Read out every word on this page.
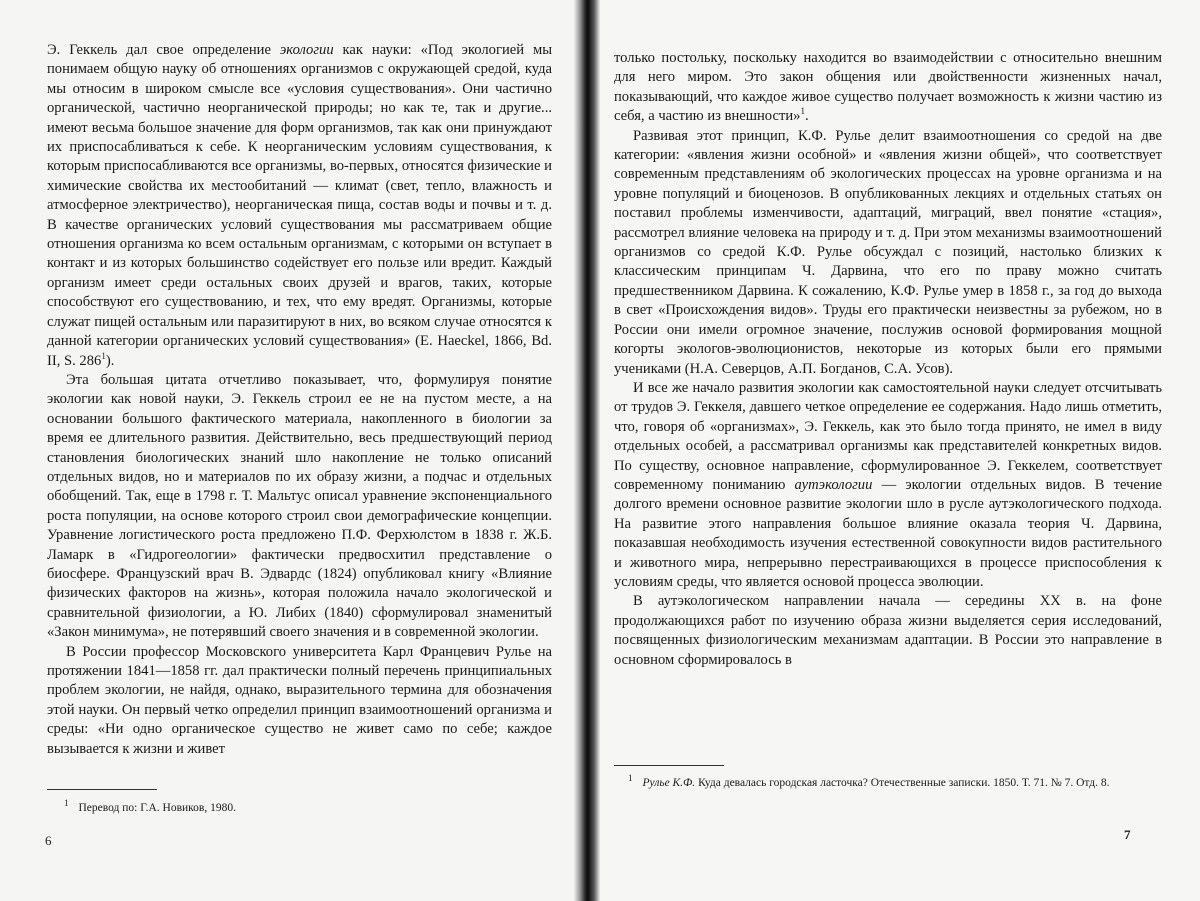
Э. Геккель дал свое определение экологии как науки: «Под экологией мы понимаем общую науку об отношениях организмов с окружающей средой, куда мы относим в широком смысле все «условия существования». Они частично органической, частично неорганической природы; но как те, так и другие... имеют весьма большое значение для форм организмов, так как они принуждают их приспосабливаться к себе. К неорганическим условиям существования, к которым приспосабливаются все организмы, во-первых, относятся физические и химические свойства их местообитаний — климат (свет, тепло, влажность и атмосферное электричество), неорганическая пища, состав воды и почвы и т. д. В качестве органических условий существования мы рассматриваем общие отношения организма ко всем остальным организмам, с которыми он вступает в контакт и из которых большинство содействует его пользе или вредит. Каждый организм имеет среди остальных своих друзей и врагов, таких, которые способствуют его существованию, и тех, что ему вредят. Организмы, которые служат пищей остальным или паразитируют в них, во всяком случае относятся к данной категории органических условий существования» (E. Haeckel, 1866, Bd. II, S. $286^1$).

Эта большая цитата отчетливо показывает, что, формулируя понятие экологии как новой науки, Э. Геккель строил ее не на пустом месте, а на основании большого фактического материала, накопленного в биологии за время ее длительного развития. Действительно, весь предшествующий период становления биологических знаний шло накопление не только описаний отдельных видов, но и материалов по их образу жизни, а подчас и отдельных обобщений. Так, еще в 1798 г. Т. Мальтус описал уравнение экспоненциального роста популяции, на основе которого строил свои демографические концепции. Уравнение логистического роста предложено П.Ф. Ферхюлстом в 1838 г. Ж.Б. Ламарк в «Гидрогеологии» фактически предвосхитил представление о биосфере. Французский врач В. Эдвардс (1824) опубликовал книгу «Влияние физических факторов на жизнь», которая положила начало экологической и сравнительной физиологии, а Ю. Либих (1840) сформулировал знаменитый «Закон минимума», не потерявший своего значения и в современной экологии.

В России профессор Московского университета Карл Францевич Рулье на протяжении 1841—1858 гг. дал практически полный перечень принципиальных проблем экологии, не найдя, однако, выразительного термина для обозначения этой науки. Он первый четко определил принцип взаимоотношений организма и среды: «Ни одно органическое существо не живет само по себе; каждое вызывается к жизни и живет

$^1$ Перевод по: Г.А. Новиков, 1980.
6

только постольку, поскольку находится во взаимодействии с относительно внешним для него миром. Это закон общения или двойственности жизненных начал, показывающий, что каждое живое существо получает возможность к жизни частию из себя, а частию из внешности»$^1$.

Развивая этот принцип, К.Ф. Рулье делит взаимоотношения со средой на две категории: «явления жизни особной» и «явления жизни общей», что соответствует современным представлениям об экологических процессах на уровне организма и на уровне популяций и биоценозов. В опубликованных лекциях и отдельных статьях он поставил проблемы изменчивости, адаптаций, миграций, ввел понятие «стация», рассмотрел влияние человека на природу и т. д. При этом механизмы взаимоотношений организмов со средой К.Ф. Рулье обсуждал с позиций, настолько близких к классическим принципам Ч. Дарвина, что его по праву можно считать предшественником Дарвина. К сожалению, К.Ф. Рулье умер в 1858 г., за год до выхода в свет «Происхождения видов». Труды его практически неизвестны за рубежом, но в России они имели огромное значение, послужив основой формирования мощной когорты экологов-эволюционистов, некоторые из которых были его прямыми учениками (Н.А. Северцов, А.П. Богданов, С.А. Усов).

И все же начало развития экологии как самостоятельной науки следует отсчитывать от трудов Э. Геккеля, давшего четкое определение ее содержания. Надо лишь отметить, что, говоря об «организмах», Э. Геккель, как это было тогда принято, не имел в виду отдельных особей, а рассматривал организмы как представителей конкретных видов. По существу, основное направление, сформулированное Э. Геккелем, соответствует современному пониманию аутэкологии — экологии отдельных видов. В течение долгого времени основное развитие экологии шло в русле аутэкологического подхода. На развитие этого направления большое влияние оказала теория Ч. Дарвина, показавшая необходимость изучения естественной совокупности видов растительного и животного мира, непрерывно перестраивающихся в процессе приспособления к условиям среды, что является основой процесса эволюции.

В аутэкологическом направлении начала — середины XX в. на фоне продолжающихся работ по изучению образа жизни выделяется серия исследований, посвященных физиологическим механизмам адаптации. В России это направление в основном сформировалось в

$^1$ Рулье К.Ф. Куда девалась городская ласточка? Отечественные записки. 1850. Т. 71. № 7. Отд. 8.
7
